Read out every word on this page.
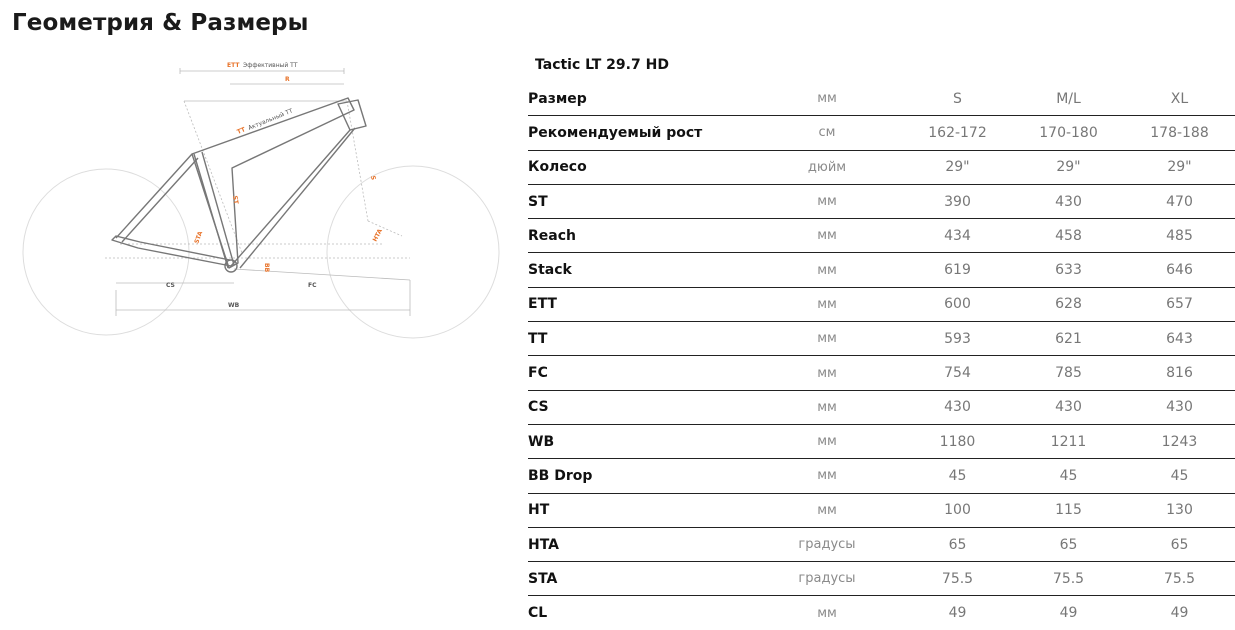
Геометрия & Размеры
ETT Эффективный ТТ
R
TT Актуальный ТТ
ST
S
STA	HTA
BB
CS	FC
WB
Tactic LT 29.7 HD
Размер	мм	S	M/L	XL
Рекомендуемый рост	см	162-172	170-180	178-188
Колесо	дюйм	29"	29"	29"
ST	мм	390	430	470
Reach	мм	434	458	485
Stack	мм	619	633	646
ETT	мм	600	628	657
TT	мм	593	621	643
FC	мм	754	785	816
CS	мм	430	430	430
WB	мм	1180	1211	1243
BB Drop	мм	45	45	45
HT	мм	100	115	130
HTA	градусы	65	65	65
STA	градусы	75.5	75.5	75.5
CL	мм	49	49	49
